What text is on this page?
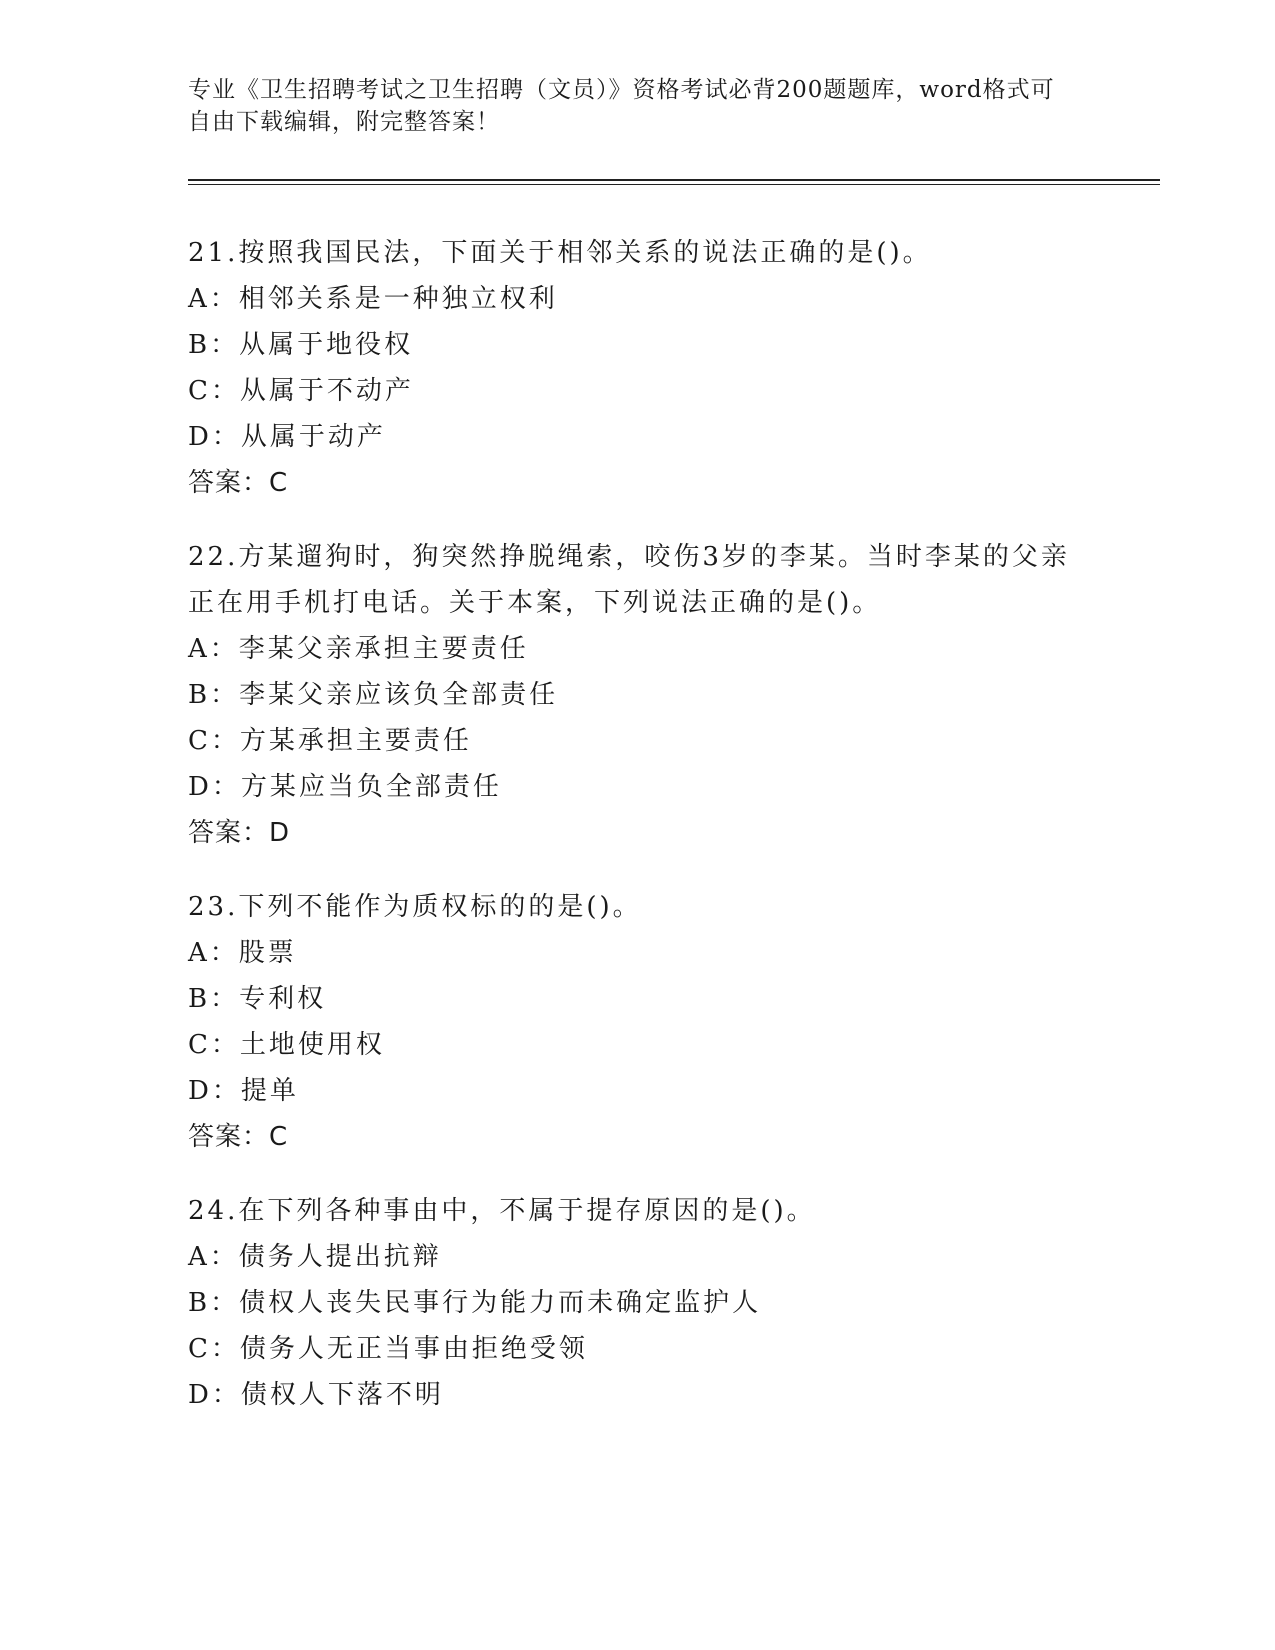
专业《卫生招聘考试之卫生招聘（文员）》资格考试必背200题题库，word格式可自由下载编辑，附完整答案！
21.按照我国民法，下面关于相邻关系的说法正确的是()。
A：相邻关系是一种独立权利
B：从属于地役权
C：从属于不动产
D：从属于动产
答案：C
22.方某遛狗时，狗突然挣脱绳索，咬伤3岁的李某。当时李某的父亲
正在用手机打电话。关于本案，下列说法正确的是()。
A：李某父亲承担主要责任
B：李某父亲应该负全部责任
C：方某承担主要责任
D：方某应当负全部责任
答案：D
23.下列不能作为质权标的的是()。
A：股票
B：专利权
C：土地使用权
D：提单
答案：C
24.在下列各种事由中，不属于提存原因的是()。
A：债务人提出抗辩
B：债权人丧失民事行为能力而未确定监护人
C：债务人无正当事由拒绝受领
D：债权人下落不明
